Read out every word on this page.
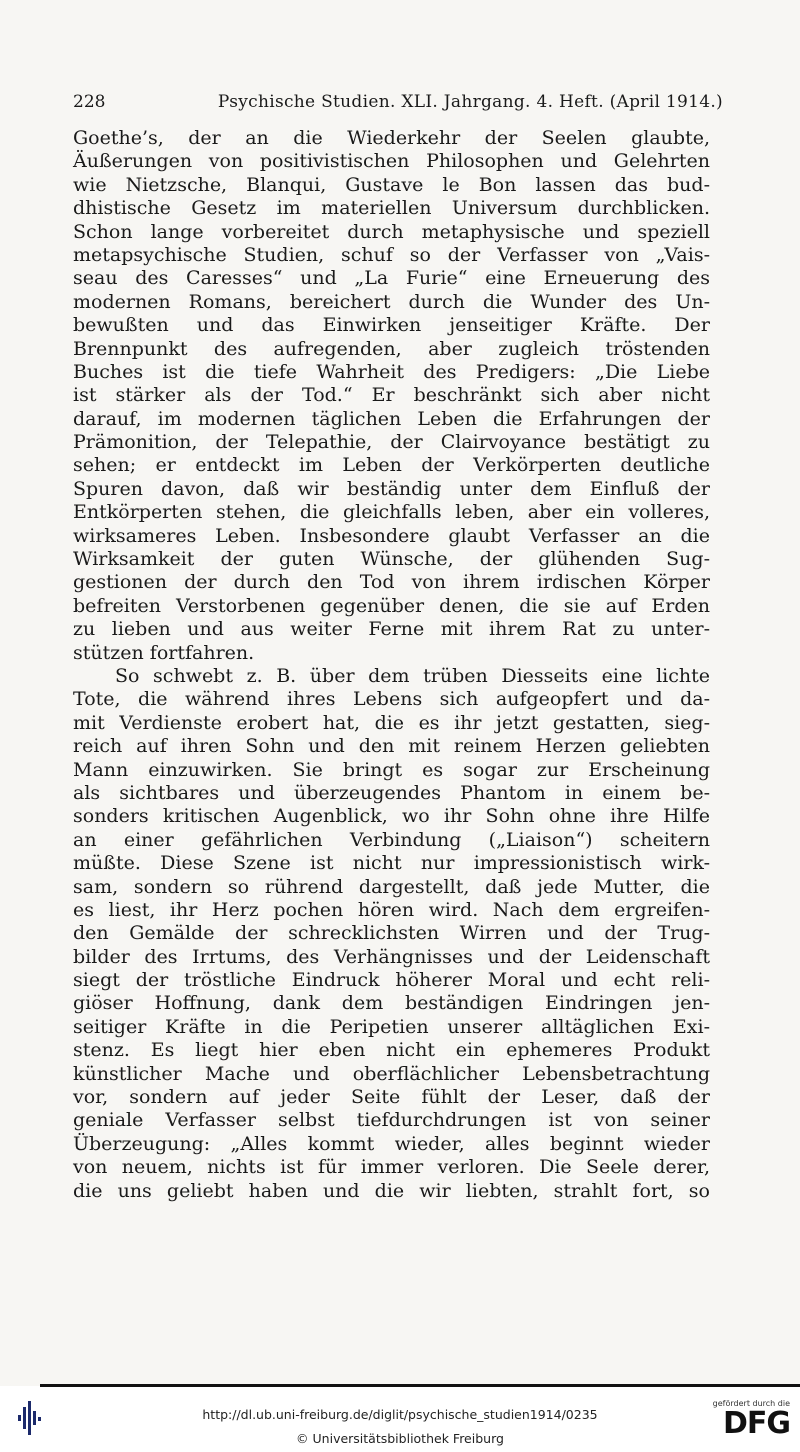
228	Psychische Studien. XLI. Jahrgang. 4. Heft. (April 1914.)
Goethe’s, der an die Wiederkehr der Seelen glaubte,
Äußerungen von positivistischen Philosophen und Gelehrten
wie Nietzsche, Blanqui, Gustave le Bon lassen das bud-
dhistische Gesetz im materiellen Universum durchblicken.
Schon lange vorbereitet durch metaphysische und speziell
metapsychische Studien, schuf so der Verfasser von „Vais-
seau des Caresses“ und „La Furie“ eine Erneuerung des
modernen Romans, bereichert durch die Wunder des Un-
bewußten und das Einwirken jenseitiger Kräfte. Der
Brennpunkt des aufregenden, aber zugleich tröstenden
Buches ist die tiefe Wahrheit des Predigers: „Die Liebe
ist stärker als der Tod.“ Er beschränkt sich aber nicht
darauf, im modernen täglichen Leben die Erfahrungen der
Prämonition, der Telepathie, der Clairvoyance bestätigt zu
sehen; er entdeckt im Leben der Verkörperten deutliche
Spuren davon, daß wir beständig unter dem Einfluß der
Entkörperten stehen, die gleichfalls leben, aber ein volleres,
wirksameres Leben. Insbesondere glaubt Verfasser an die
Wirksamkeit der guten Wünsche, der glühenden Sug-
gestionen der durch den Tod von ihrem irdischen Körper
befreiten Verstorbenen gegenüber denen, die sie auf Erden
zu lieben und aus weiter Ferne mit ihrem Rat zu unter-
stützen fortfahren.
So schwebt z. B. über dem trüben Diesseits eine lichte
Tote, die während ihres Lebens sich aufgeopfert und da-
mit Verdienste erobert hat, die es ihr jetzt gestatten, sieg-
reich auf ihren Sohn und den mit reinem Herzen geliebten
Mann einzuwirken. Sie bringt es sogar zur Erscheinung
als sichtbares und überzeugendes Phantom in einem be-
sonders kritischen Augenblick, wo ihr Sohn ohne ihre Hilfe
an einer gefährlichen Verbindung („Liaison“) scheitern
müßte. Diese Szene ist nicht nur impressionistisch wirk-
sam, sondern so rührend dargestellt, daß jede Mutter, die
es liest, ihr Herz pochen hören wird. Nach dem ergreifen-
den Gemälde der schrecklichsten Wirren und der Trug-
bilder des Irrtums, des Verhängnisses und der Leidenschaft
siegt der tröstliche Eindruck höherer Moral und echt reli-
giöser Hoffnung, dank dem beständigen Eindringen jen-
seitiger Kräfte in die Peripetien unserer alltäglichen Exi-
stenz. Es liegt hier eben nicht ein ephemeres Produkt
künstlicher Mache und oberflächlicher Lebensbetrachtung
vor, sondern auf jeder Seite fühlt der Leser, daß der
geniale Verfasser selbst tiefdurchdrungen ist von seiner
Überzeugung: „Alles kommt wieder, alles beginnt wieder
von neuem, nichts ist für immer verloren. Die Seele derer,
die uns geliebt haben und die wir liebten, strahlt fort, so
http://dl.ub.uni-freiburg.de/diglit/psychische_studien1914/0235
© Universitätsbibliothek Freiburg
gefördert durch die
DFG
